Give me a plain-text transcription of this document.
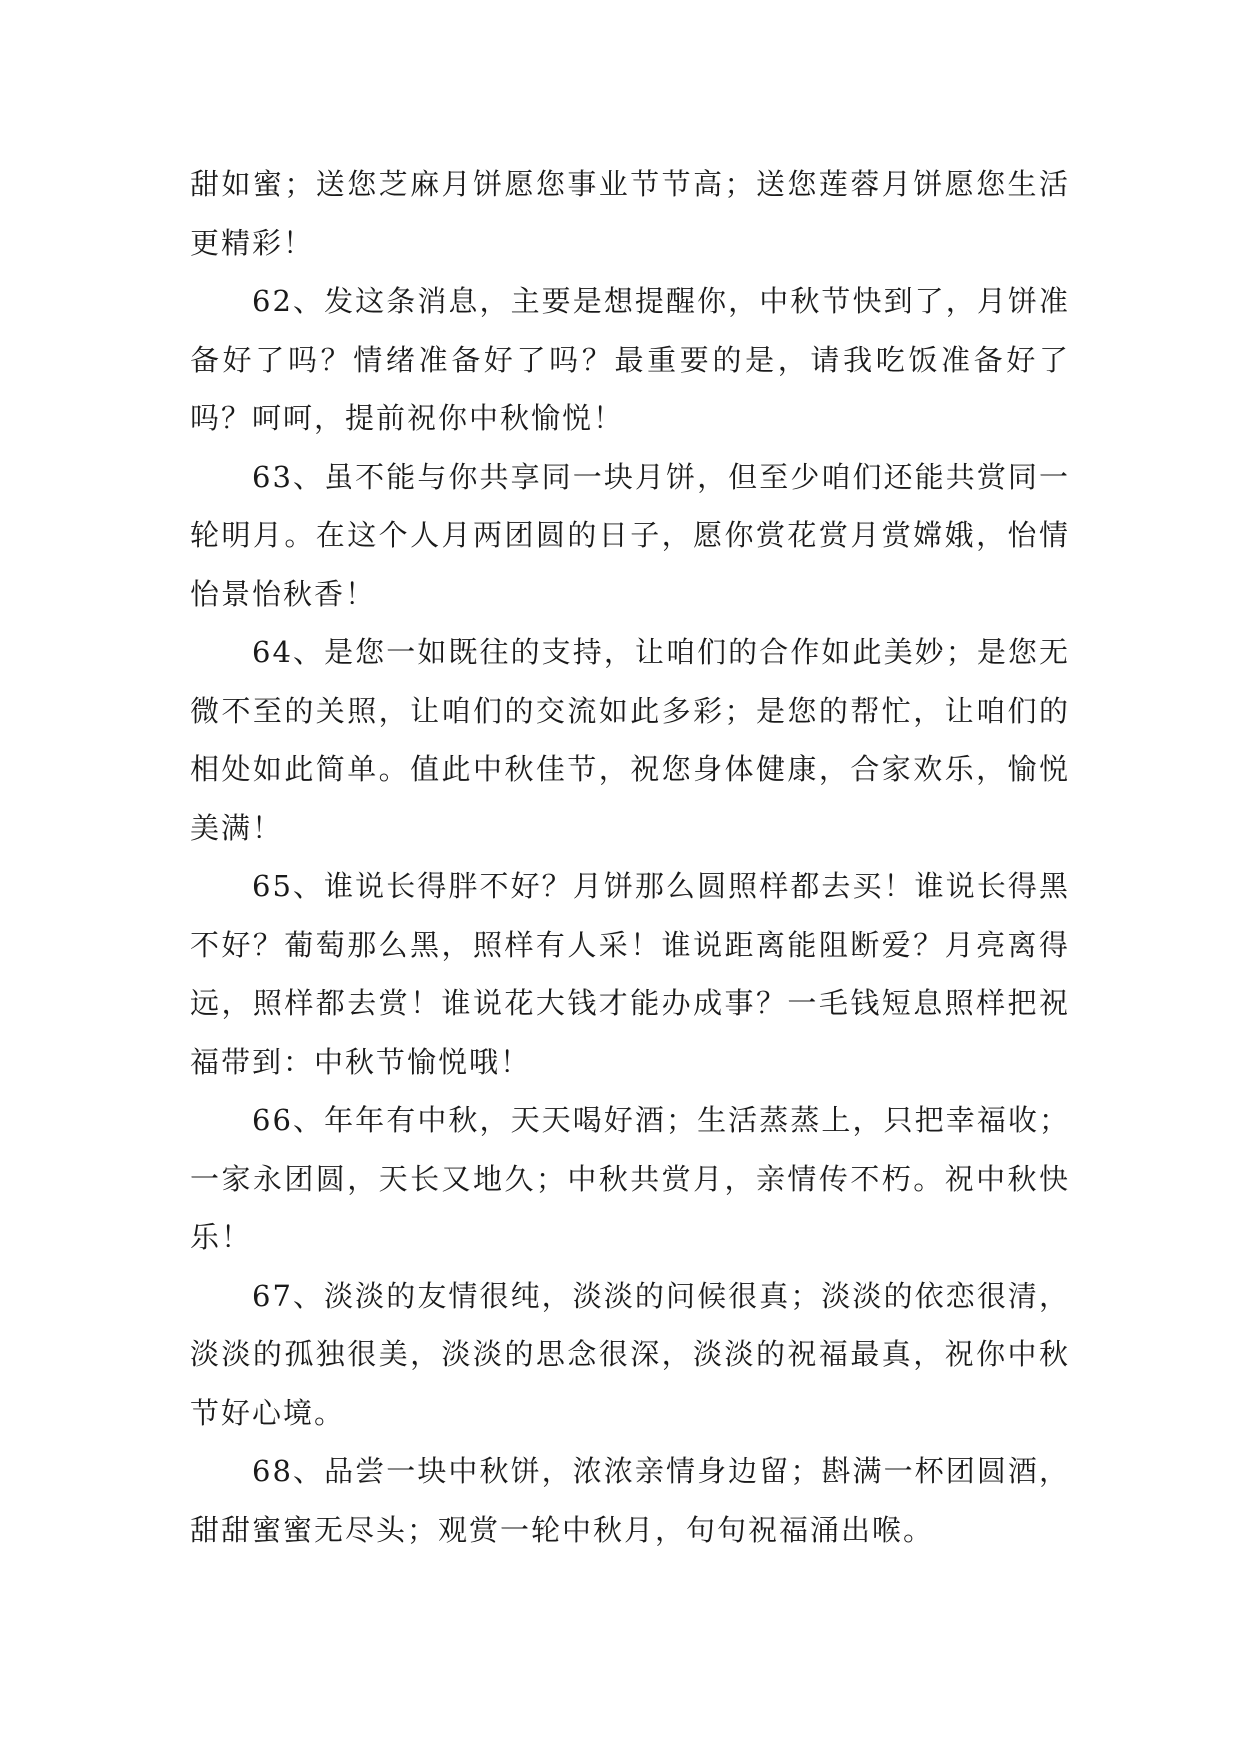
甜如蜜；送您芝麻月饼愿您事业节节高；送您莲蓉月饼愿您生活更精彩！

62、发这条消息，主要是想提醒你，中秋节快到了，月饼准备好了吗？情绪准备好了吗？最重要的是，请我吃饭准备好了吗？呵呵，提前祝你中秋愉悦！

63、虽不能与你共享同一块月饼，但至少咱们还能共赏同一轮明月。在这个人月两团圆的日子，愿你赏花赏月赏嫦娥，怡情怡景怡秋香！

64、是您一如既往的支持，让咱们的合作如此美妙；是您无微不至的关照，让咱们的交流如此多彩；是您的帮忙，让咱们的相处如此简单。值此中秋佳节，祝您身体健康，合家欢乐，愉悦美满！

65、谁说长得胖不好？月饼那么圆照样都去买！谁说长得黑不好？葡萄那么黑，照样有人采！谁说距离能阻断爱？月亮离得远，照样都去赏！谁说花大钱才能办成事？一毛钱短息照样把祝福带到：中秋节愉悦哦！

66、年年有中秋，天天喝好酒；生活蒸蒸上，只把幸福收；一家永团圆，天长又地久；中秋共赏月，亲情传不朽。祝中秋快乐！

67、淡淡的友情很纯，淡淡的问候很真；淡淡的依恋很清，淡淡的孤独很美，淡淡的思念很深，淡淡的祝福最真，祝你中秋节好心境。

68、品尝一块中秋饼，浓浓亲情身边留；斟满一杯团圆酒，甜甜蜜蜜无尽头；观赏一轮中秋月，句句祝福涌出喉。
